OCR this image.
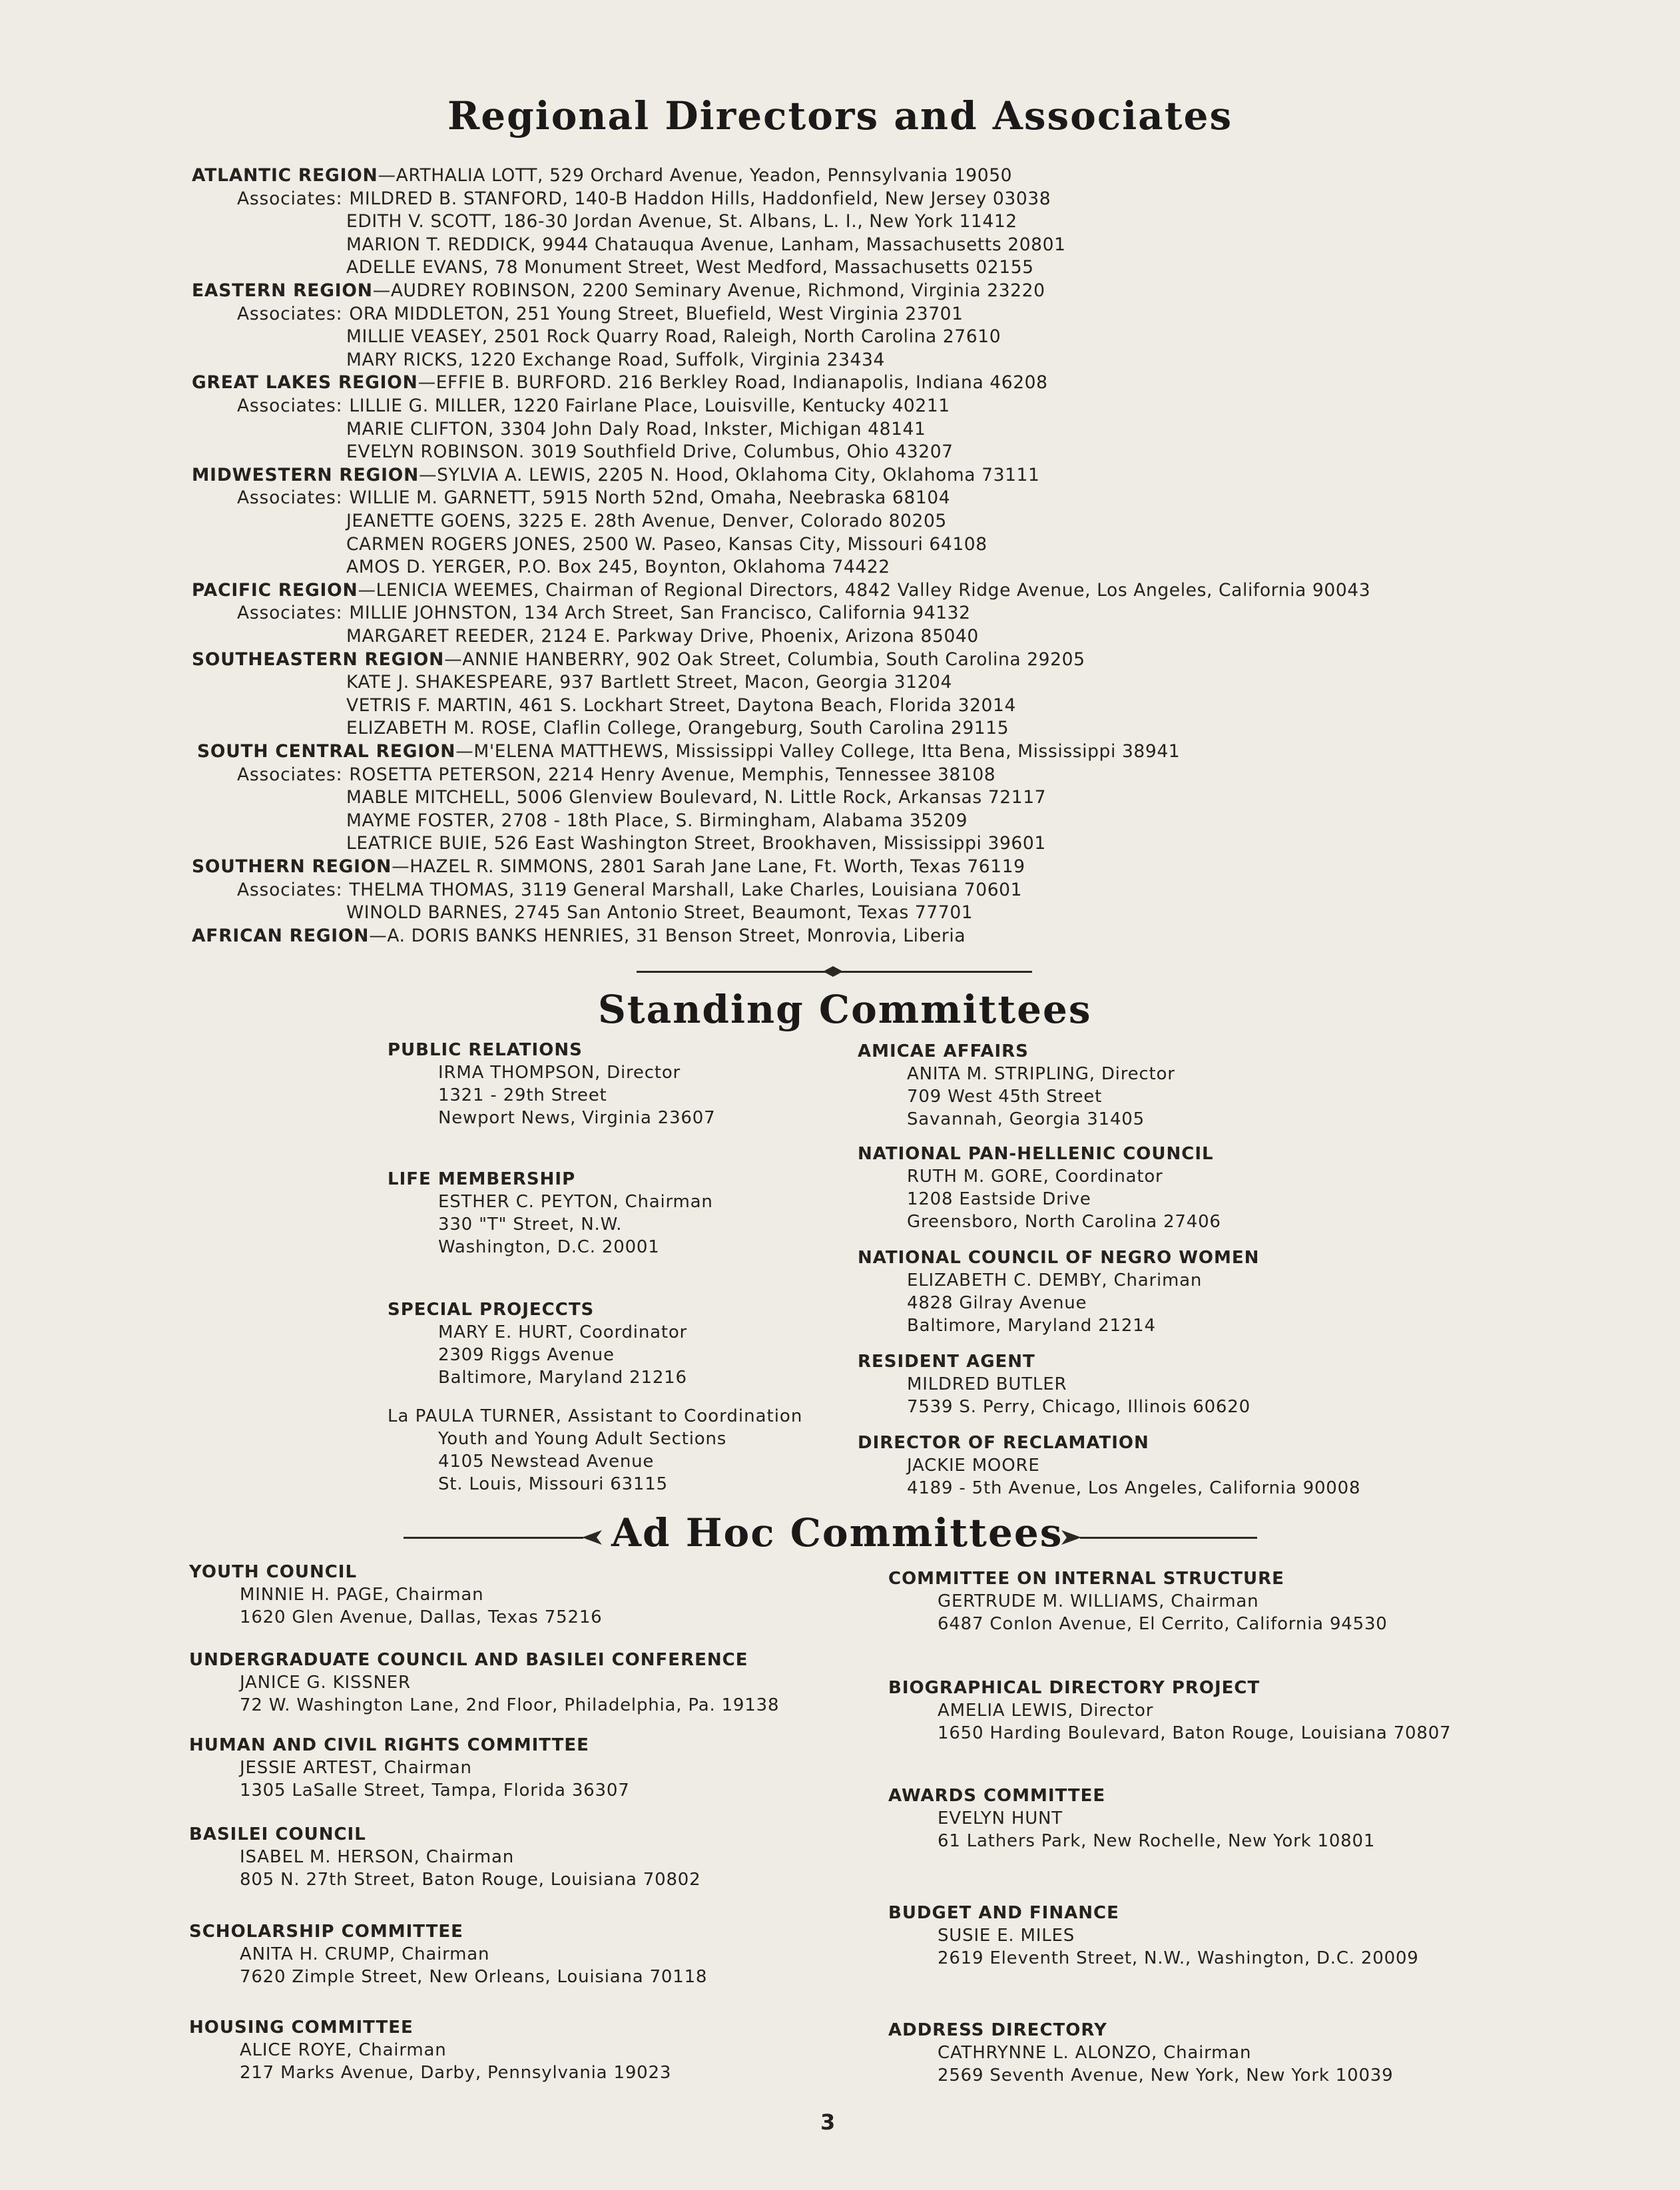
Regional Directors and Associates
ATLANTIC REGION—ARTHALIA LOTT, 529 Orchard Avenue, Yeadon, Pennsylvania 19050
Associates: MILDRED B. STANFORD, 140-B Haddon Hills, Haddonfield, New Jersey 03038
EDITH V. SCOTT, 186-30 Jordan Avenue, St. Albans, L. I., New York 11412
MARION T. REDDICK, 9944 Chatauqua Avenue, Lanham, Massachusetts 20801
ADELLE EVANS, 78 Monument Street, West Medford, Massachusetts 02155
EASTERN REGION—AUDREY ROBINSON, 2200 Seminary Avenue, Richmond, Virginia 23220
Associates: ORA MIDDLETON, 251 Young Street, Bluefield, West Virginia 23701
MILLIE VEASEY, 2501 Rock Quarry Road, Raleigh, North Carolina 27610
MARY RICKS, 1220 Exchange Road, Suffolk, Virginia 23434
GREAT LAKES REGION—EFFIE B. BURFORD. 216 Berkley Road, Indianapolis, Indiana 46208
Associates: LILLIE G. MILLER, 1220 Fairlane Place, Louisville, Kentucky 40211
MARIE CLIFTON, 3304 John Daly Road, Inkster, Michigan 48141
EVELYN ROBINSON. 3019 Southfield Drive, Columbus, Ohio 43207
MIDWESTERN REGION—SYLVIA A. LEWIS, 2205 N. Hood, Oklahoma City, Oklahoma 73111
Associates: WILLIE M. GARNETT, 5915 North 52nd, Omaha, Neebraska 68104
JEANETTE GOENS, 3225 E. 28th Avenue, Denver, Colorado 80205
CARMEN ROGERS JONES, 2500 W. Paseo, Kansas City, Missouri 64108
AMOS D. YERGER, P.O. Box 245, Boynton, Oklahoma 74422
PACIFIC REGION—LENICIA WEEMES, Chairman of Regional Directors, 4842 Valley Ridge Avenue, Los Angeles, California 90043
Associates: MILLIE JOHNSTON, 134 Arch Street, San Francisco, California 94132
MARGARET REEDER, 2124 E. Parkway Drive, Phoenix, Arizona 85040
SOUTHEASTERN REGION—ANNIE HANBERRY, 902 Oak Street, Columbia, South Carolina 29205
KATE J. SHAKESPEARE, 937 Bartlett Street, Macon, Georgia 31204
VETRIS F. MARTIN, 461 S. Lockhart Street, Daytona Beach, Florida 32014
ELIZABETH M. ROSE, Claflin College, Orangeburg, South Carolina 29115
SOUTH CENTRAL REGION—M'ELENA MATTHEWS, Mississippi Valley College, Itta Bena, Mississippi 38941
Associates: ROSETTA PETERSON, 2214 Henry Avenue, Memphis, Tennessee 38108
MABLE MITCHELL, 5006 Glenview Boulevard, N. Little Rock, Arkansas 72117
MAYME FOSTER, 2708 - 18th Place, S. Birmingham, Alabama 35209
LEATRICE BUIE, 526 East Washington Street, Brookhaven, Mississippi 39601
SOUTHERN REGION—HAZEL R. SIMMONS, 2801 Sarah Jane Lane, Ft. Worth, Texas 76119
Associates: THELMA THOMAS, 3119 General Marshall, Lake Charles, Louisiana 70601
WINOLD BARNES, 2745 San Antonio Street, Beaumont, Texas 77701
AFRICAN REGION—A. DORIS BANKS HENRIES, 31 Benson Street, Monrovia, Liberia
Standing Committees
PUBLIC RELATIONS
IRMA THOMPSON, Director
1321 - 29th Street
Newport News, Virginia 23607
LIFE MEMBERSHIP
ESTHER C. PEYTON, Chairman
330 "T" Street, N.W.
Washington, D.C. 20001
SPECIAL PROJECCTS
MARY E. HURT, Coordinator
2309 Riggs Avenue
Baltimore, Maryland 21216
La PAULA TURNER, Assistant to Coordination
Youth and Young Adult Sections
4105 Newstead Avenue
St. Louis, Missouri 63115
AMICAE AFFAIRS
ANITA M. STRIPLING, Director
709 West 45th Street
Savannah, Georgia 31405
NATIONAL PAN-HELLENIC COUNCIL
RUTH M. GORE, Coordinator
1208 Eastside Drive
Greensboro, North Carolina 27406
NATIONAL COUNCIL OF NEGRO WOMEN
ELIZABETH C. DEMBY, Chariman
4828 Gilray Avenue
Baltimore, Maryland 21214
RESIDENT AGENT
MILDRED BUTLER
7539 S. Perry, Chicago, Illinois 60620
DIRECTOR OF RECLAMATION
JACKIE MOORE
4189 - 5th Avenue, Los Angeles, California 90008
Ad Hoc Committees
YOUTH COUNCIL
MINNIE H. PAGE, Chairman
1620 Glen Avenue, Dallas, Texas 75216
UNDERGRADUATE COUNCIL AND BASILEI CONFERENCE
JANICE G. KISSNER
72 W. Washington Lane, 2nd Floor, Philadelphia, Pa. 19138
HUMAN AND CIVIL RIGHTS COMMITTEE
JESSIE ARTEST, Chairman
1305 LaSalle Street, Tampa, Florida 36307
BASILEI COUNCIL
ISABEL M. HERSON, Chairman
805 N. 27th Street, Baton Rouge, Louisiana 70802
SCHOLARSHIP COMMITTEE
ANITA H. CRUMP, Chairman
7620 Zimple Street, New Orleans, Louisiana 70118
HOUSING COMMITTEE
ALICE ROYE, Chairman
217 Marks Avenue, Darby, Pennsylvania 19023
COMMITTEE ON INTERNAL STRUCTURE
GERTRUDE M. WILLIAMS, Chairman
6487 Conlon Avenue, El Cerrito, California 94530
BIOGRAPHICAL DIRECTORY PROJECT
AMELIA LEWIS, Director
1650 Harding Boulevard, Baton Rouge, Louisiana 70807
AWARDS COMMITTEE
EVELYN HUNT
61 Lathers Park, New Rochelle, New York 10801
BUDGET AND FINANCE
SUSIE E. MILES
2619 Eleventh Street, N.W., Washington, D.C. 20009
ADDRESS DIRECTORY
CATHRYNNE L. ALONZO, Chairman
2569 Seventh Avenue, New York, New York 10039
3
